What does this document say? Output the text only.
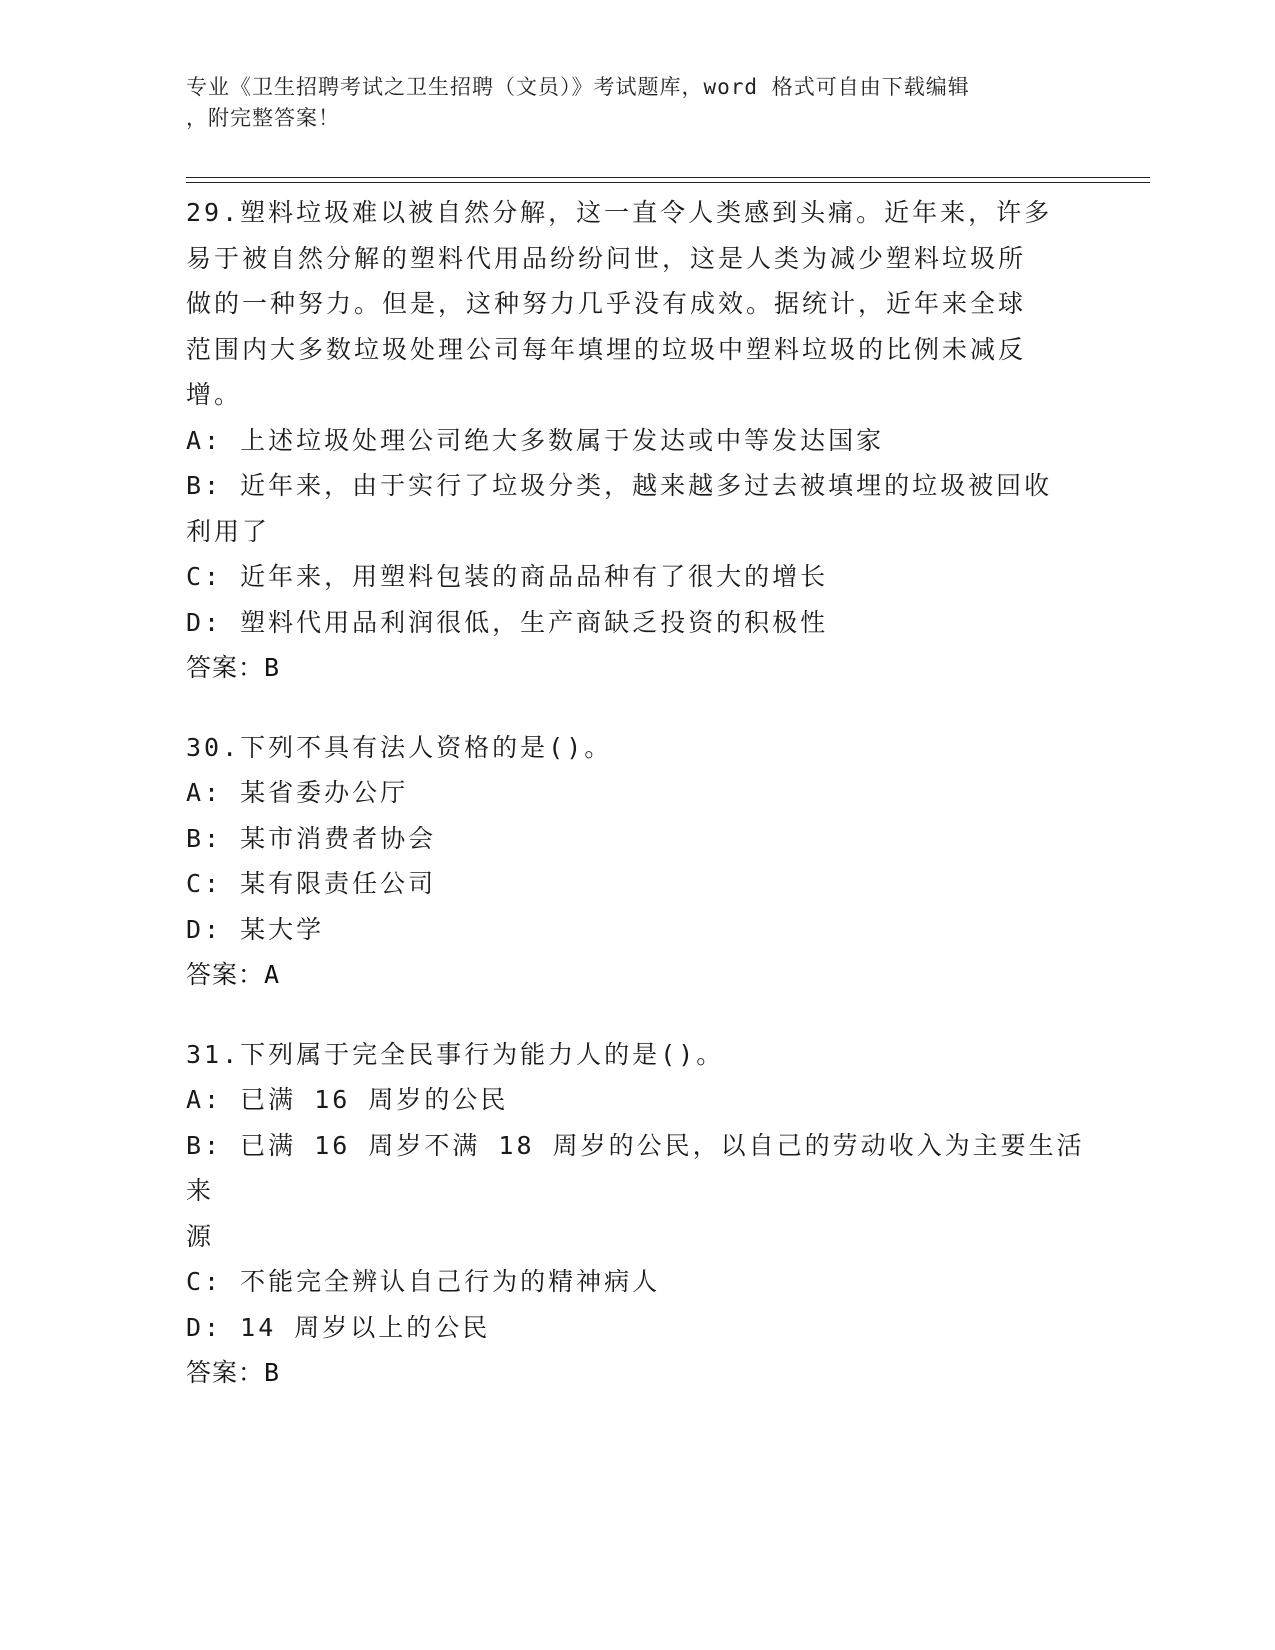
专业《卫生招聘考试之卫生招聘（文员）》考试题库，word 格式可自由下载编辑
，附完整答案！
29.塑料垃圾难以被自然分解，这一直令人类感到头痛。近年来，许多
易于被自然分解的塑料代用品纷纷问世，这是人类为减少塑料垃圾所
做的一种努力。但是，这种努力几乎没有成效。据统计，近年来全球
范围内大多数垃圾处理公司每年填埋的垃圾中塑料垃圾的比例未减反
增。
A: 上述垃圾处理公司绝大多数属于发达或中等发达国家
B: 近年来，由于实行了垃圾分类，越来越多过去被填埋的垃圾被回收
利用了
C: 近年来，用塑料包装的商品品种有了很大的增长
D: 塑料代用品利润很低，生产商缺乏投资的积极性
答案：B
30.下列不具有法人资格的是()。
A: 某省委办公厅
B: 某市消费者协会
C: 某有限责任公司
D: 某大学
答案：A
31.下列属于完全民事行为能力人的是()。
A: 已满 16 周岁的公民
B: 已满 16 周岁不满 18 周岁的公民，以自己的劳动收入为主要生活来
源
C: 不能完全辨认自己行为的精神病人
D: 14 周岁以上的公民
答案：B
